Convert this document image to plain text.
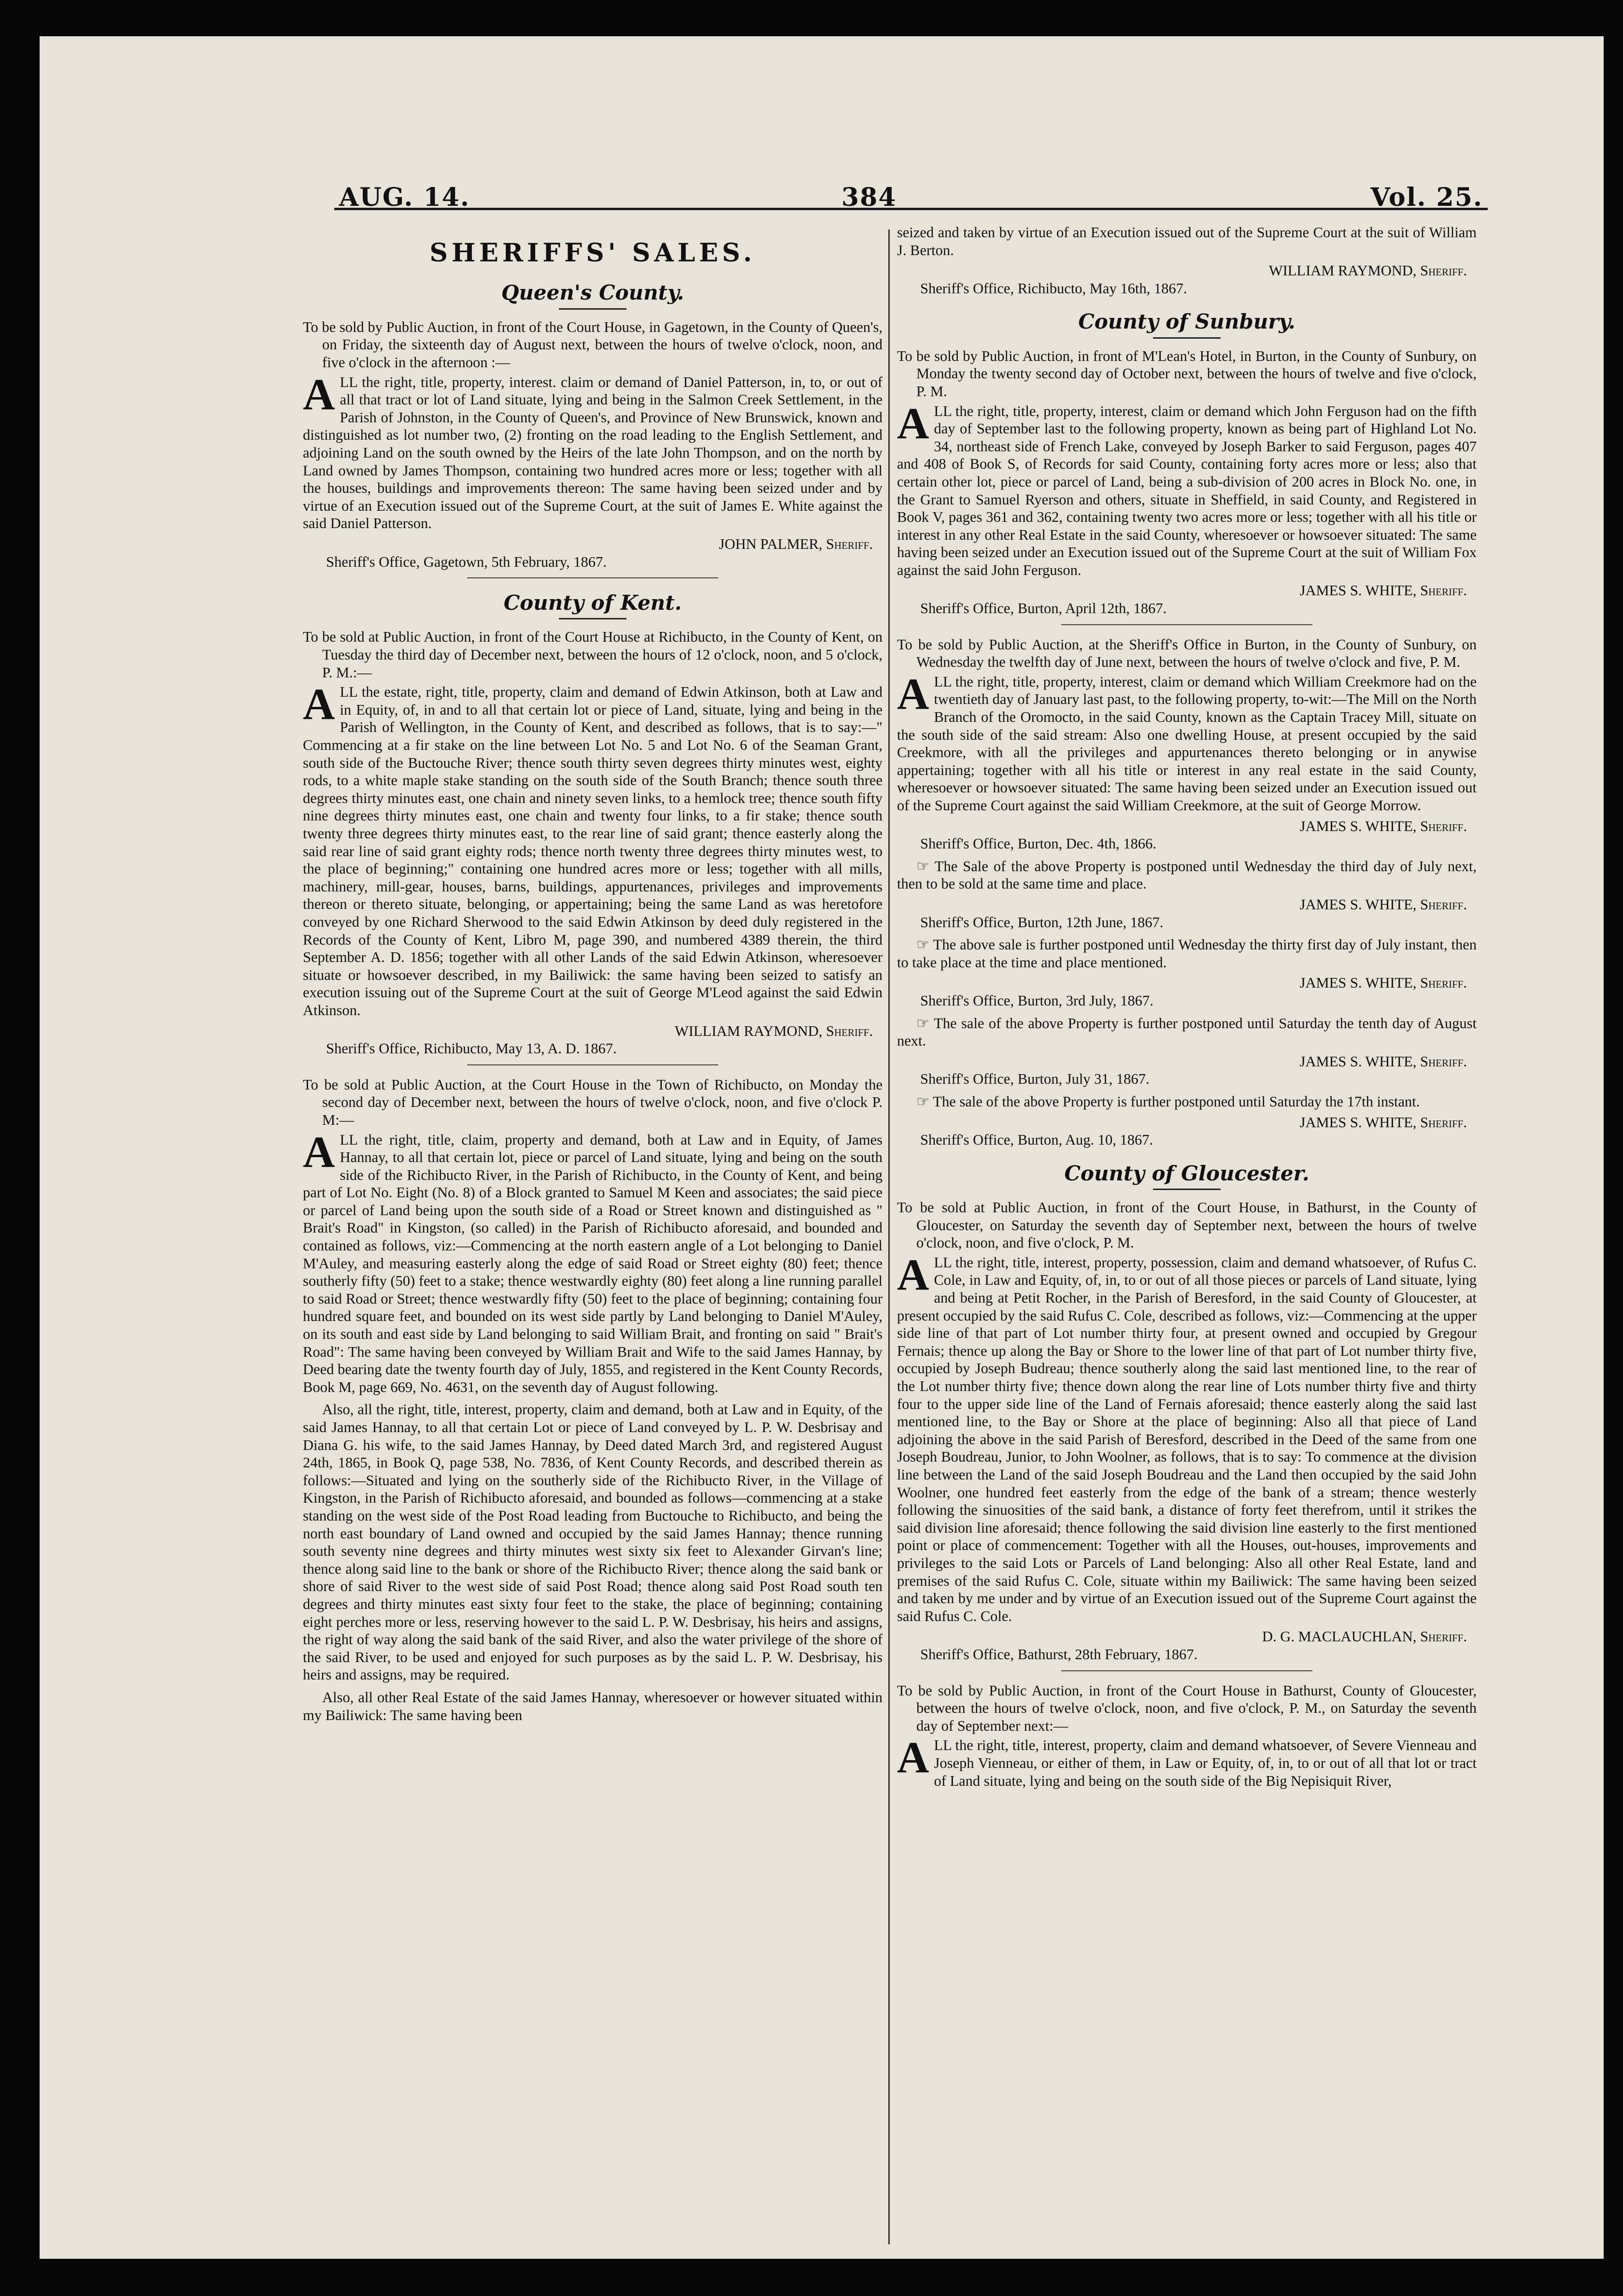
AUG. 14.	384	Vol. 25.
SHERIFFS' SALES.
Queen's County.

To be sold by Public Auction, in front of the Court House, in Gagetown, in the County of Queen's, on Friday, the sixteenth day of August next, between the hours of twelve o'clock, noon, and five o'clock in the afternoon :—

ALL the right, title, property, interest. claim or demand of Daniel Patterson, in, to, or out of all that tract or lot of Land situate, lying and being in the Salmon Creek Settlement, in the Parish of Johnston, in the County of Queen's, and Province of New Brunswick, known and distinguished as lot number two, (2) fronting on the road leading to the English Settlement, and adjoining Land on the south owned by the Heirs of the late John Thompson, and on the north by Land owned by James Thompson, containing two hundred acres more or less; together with all the houses, buildings and improvements thereon: The same having been seized under and by virtue of an Execution issued out of the Supreme Court, at the suit of James E. White against the said Daniel Patterson.

JOHN PALMER, Sheriff.

Sheriff's Office, Gagetown, 5th February, 1867.

County of Kent.

To be sold at Public Auction, in front of the Court House at Richibucto, in the County of Kent, on Tuesday the third day of December next, between the hours of 12 o'clock, noon, and 5 o'clock, P. M.:—

ALL the estate, right, title, property, claim and demand of Edwin Atkinson, both at Law and in Equity, of, in and to all that certain lot or piece of Land, situate, lying and being in the Parish of Wellington, in the County of Kent, and described as follows, that is to say:—" Commencing at a fir stake on the line between Lot No. 5 and Lot No. 6 of the Seaman Grant, south side of the Buctouche River; thence south thirty seven degrees thirty minutes west, eighty rods, to a white maple stake standing on the south side of the South Branch; thence south three degrees thirty minutes east, one chain and ninety seven links, to a hemlock tree; thence south fifty nine degrees thirty minutes east, one chain and twenty four links, to a fir stake; thence south twenty three degrees thirty minutes east, to the rear line of said grant; thence easterly along the said rear line of said grant eighty rods; thence north twenty three degrees thirty minutes west, to the place of beginning;" containing one hundred acres more or less; together with all mills, machinery, mill-gear, houses, barns, buildings, appurtenances, privileges and improvements thereon or thereto situate, belonging, or appertaining; being the same Land as was heretofore conveyed by one Richard Sherwood to the said Edwin Atkinson by deed duly registered in the Records of the County of Kent, Libro M, page 390, and numbered 4389 therein, the third September A. D. 1856; together with all other Lands of the said Edwin Atkinson, wheresoever situate or howsoever described, in my Bailiwick: the same having been seized to satisfy an execution issuing out of the Supreme Court at the suit of George M'Leod against the said Edwin Atkinson.

WILLIAM RAYMOND, Sheriff.

Sheriff's Office, Richibucto, May 13, A. D. 1867.

To be sold at Public Auction, at the Court House in the Town of Richibucto, on Monday the second day of December next, between the hours of twelve o'clock, noon, and five o'clock P. M:—

ALL the right, title, claim, property and demand, both at Law and in Equity, of James Hannay, to all that certain lot, piece or parcel of Land situate, lying and being on the south side of the Richibucto River, in the Parish of Richibucto, in the County of Kent, and being part of Lot No. Eight (No. 8) of a Block granted to Samuel M Keen and associates; the said piece or parcel of Land being upon the south side of a Road or Street known and distinguished as " Brait's Road" in Kingston, (so called) in the Parish of Richibucto aforesaid, and bounded and contained as follows, viz:—Commencing at the north eastern angle of a Lot belonging to Daniel M'Auley, and measuring easterly along the edge of said Road or Street eighty (80) feet; thence southerly fifty (50) feet to a stake; thence westwardly eighty (80) feet along a line running parallel to said Road or Street; thence westwardly fifty (50) feet to the place of beginning; containing four hundred square feet, and bounded on its west side partly by Land belonging to Daniel M'Auley, on its south and east side by Land belonging to said William Brait, and fronting on said " Brait's Road": The same having been conveyed by William Brait and Wife to the said James Hannay, by Deed bearing date the twenty fourth day of July, 1855, and registered in the Kent County Records, Book M, page 669, No. 4631, on the seventh day of August following.

Also, all the right, title, interest, property, claim and demand, both at Law and in Equity, of the said James Hannay, to all that certain Lot or piece of Land conveyed by L. P. W. Desbrisay and Diana G. his wife, to the said James Hannay, by Deed dated March 3rd, and registered August 24th, 1865, in Book Q, page 538, No. 7836, of Kent County Records, and described therein as follows:—Situated and lying on the southerly side of the Richibucto River, in the Village of Kingston, in the Parish of Richibucto aforesaid, and bounded as follows—commencing at a stake standing on the west side of the Post Road leading from Buctouche to Richibucto, and being the north east boundary of Land owned and occupied by the said James Hannay; thence running south seventy nine degrees and thirty minutes west sixty six feet to Alexander Girvan's line; thence along said line to the bank or shore of the Richibucto River; thence along the said bank or shore of said River to the west side of said Post Road; thence along said Post Road south ten degrees and thirty minutes east sixty four feet to the stake, the place of beginning; containing eight perches more or less, reserving however to the said L. P. W. Desbrisay, his heirs and assigns, the right of way along the said bank of the said River, and also the water privilege of the shore of the said River, to be used and enjoyed for such purposes as by the said L. P. W. Desbrisay, his heirs and assigns, may be required.

Also, all other Real Estate of the said James Hannay, wheresoever or however situated within my Bailiwick: The same having been

seized and taken by virtue of an Execution issued out of the Supreme Court at the suit of William J. Berton.

WILLIAM RAYMOND, Sheriff.

Sheriff's Office, Richibucto, May 16th, 1867.

County of Sunbury.

To be sold by Public Auction, in front of M'Lean's Hotel, in Burton, in the County of Sunbury, on Monday the twenty second day of October next, between the hours of twelve and five o'clock, P. M.

ALL the right, title, property, interest, claim or demand which John Ferguson had on the fifth day of September last to the following property, known as being part of Highland Lot No. 34, northeast side of French Lake, conveyed by Joseph Barker to said Ferguson, pages 407 and 408 of Book S, of Records for said County, containing forty acres more or less; also that certain other lot, piece or parcel of Land, being a sub-division of 200 acres in Block No. one, in the Grant to Samuel Ryerson and others, situate in Sheffield, in said County, and Registered in Book V, pages 361 and 362, containing twenty two acres more or less; together with all his title or interest in any other Real Estate in the said County, wheresoever or howsoever situated: The same having been seized under an Execution issued out of the Supreme Court at the suit of William Fox against the said John Ferguson.

JAMES S. WHITE, Sheriff.

Sheriff's Office, Burton, April 12th, 1867.

To be sold by Public Auction, at the Sheriff's Office in Burton, in the County of Sunbury, on Wednesday the twelfth day of June next, between the hours of twelve o'clock and five, P. M.

ALL the right, title, property, interest, claim or demand which William Creekmore had on the twentieth day of January last past, to the following property, to-wit:—The Mill on the North Branch of the Oromocto, in the said County, known as the Captain Tracey Mill, situate on the south side of the said stream: Also one dwelling House, at present occupied by the said Creekmore, with all the privileges and appurtenances thereto belonging or in anywise appertaining; together with all his title or interest in any real estate in the said County, wheresoever or howsoever situated: The same having been seized under an Execution issued out of the Supreme Court against the said William Creekmore, at the suit of George Morrow.

JAMES S. WHITE, Sheriff.

Sheriff's Office, Burton, Dec. 4th, 1866.

☞ The Sale of the above Property is postponed until Wednesday the third day of July next, then to be sold at the same time and place.

JAMES S. WHITE, Sheriff.

Sheriff's Office, Burton, 12th June, 1867.

☞ The above sale is further postponed until Wednesday the thirty first day of July instant, then to take place at the time and place mentioned.

JAMES S. WHITE, Sheriff.

Sheriff's Office, Burton, 3rd July, 1867.

☞ The sale of the above Property is further postponed until Saturday the tenth day of August next.

JAMES S. WHITE, Sheriff.

Sheriff's Office, Burton, July 31, 1867.

☞ The sale of the above Property is further postponed until Saturday the 17th instant.

JAMES S. WHITE, Sheriff.

Sheriff's Office, Burton, Aug. 10, 1867.

County of Gloucester.

To be sold at Public Auction, in front of the Court House, in Bathurst, in the County of Gloucester, on Saturday the seventh day of September next, between the hours of twelve o'clock, noon, and five o'clock, P. M.

ALL the right, title, interest, property, possession, claim and demand whatsoever, of Rufus C. Cole, in Law and Equity, of, in, to or out of all those pieces or parcels of Land situate, lying and being at Petit Rocher, in the Parish of Beresford, in the said County of Gloucester, at present occupied by the said Rufus C. Cole, described as follows, viz:—Commencing at the upper side line of that part of Lot number thirty four, at present owned and occupied by Gregour Fernais; thence up along the Bay or Shore to the lower line of that part of Lot number thirty five, occupied by Joseph Budreau; thence southerly along the said last mentioned line, to the rear of the Lot number thirty five; thence down along the rear line of Lots number thirty five and thirty four to the upper side line of the Land of Fernais aforesaid; thence easterly along the said last mentioned line, to the Bay or Shore at the place of beginning: Also all that piece of Land adjoining the above in the said Parish of Beresford, described in the Deed of the same from one Joseph Boudreau, Junior, to John Woolner, as follows, that is to say: To commence at the division line between the Land of the said Joseph Boudreau and the Land then occupied by the said John Woolner, one hundred feet easterly from the edge of the bank of a stream; thence westerly following the sinuosities of the said bank, a distance of forty feet therefrom, until it strikes the said division line aforesaid; thence following the said division line easterly to the first mentioned point or place of commencement: Together with all the Houses, out-houses, improvements and privileges to the said Lots or Parcels of Land belonging: Also all other Real Estate, land and premises of the said Rufus C. Cole, situate within my Bailiwick: The same having been seized and taken by me under and by virtue of an Execution issued out of the Supreme Court against the said Rufus C. Cole.

D. G. MACLAUCHLAN, Sheriff.

Sheriff's Office, Bathurst, 28th February, 1867.

To be sold by Public Auction, in front of the Court House in Bathurst, County of Gloucester, between the hours of twelve o'clock, noon, and five o'clock, P. M., on Saturday the seventh day of September next:—

ALL the right, title, interest, property, claim and demand whatsoever, of Severe Vienneau and Joseph Vienneau, or either of them, in Law or Equity, of, in, to or out of all that lot or tract of Land situate, lying and being on the south side of the Big Nepisiquit River,
